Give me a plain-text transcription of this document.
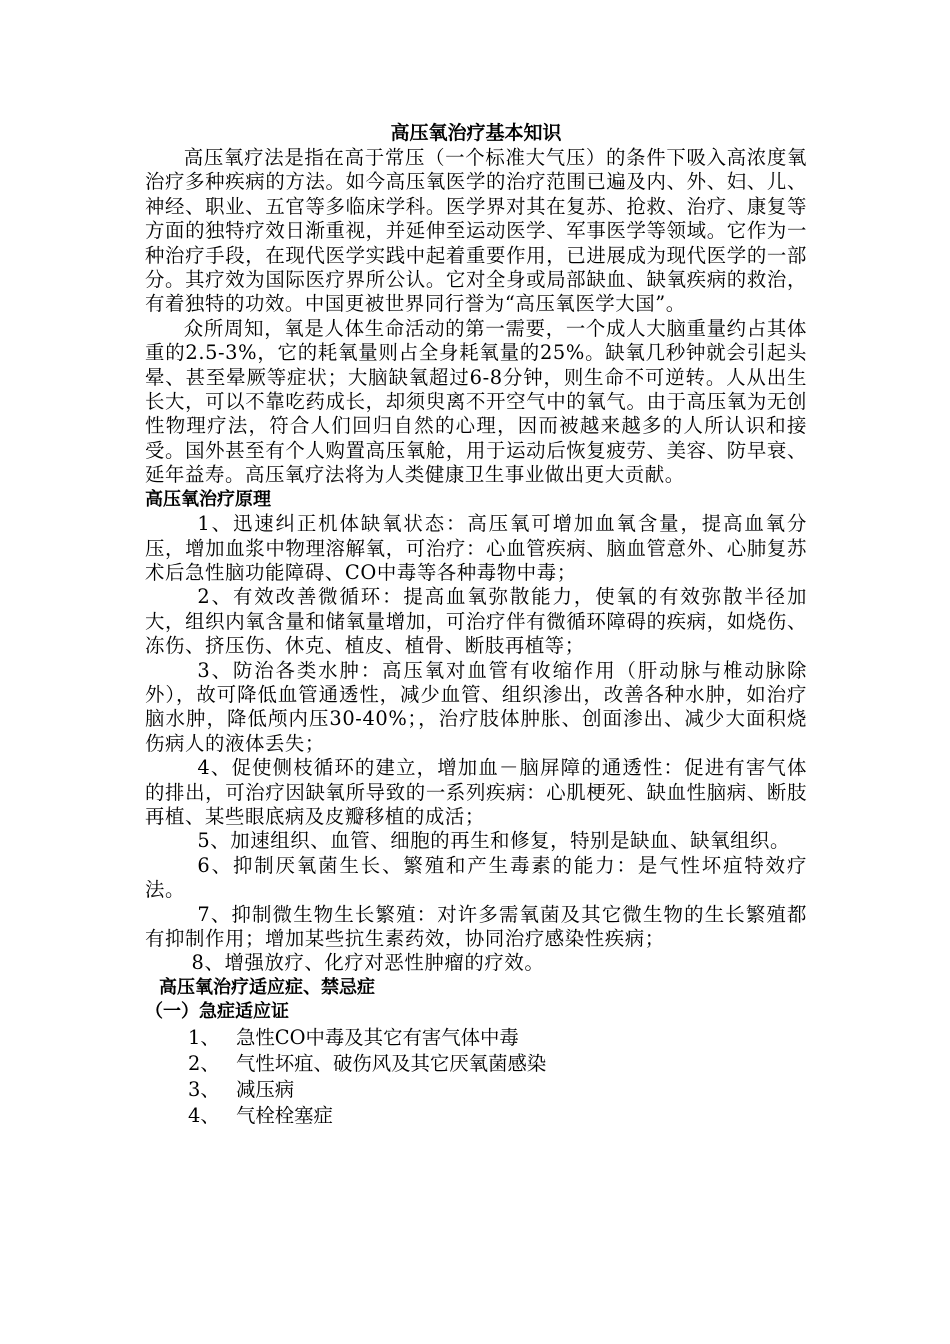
高压氧治疗基本知识

高压氧疗法是指在高于常压（一个标准大气压）的条件下吸入高浓度氧治疗多种疾病的方法。如今高压氧医学的治疗范围已遍及内、外、妇、儿、神经、职业、五官等多临床学科。医学界对其在复苏、抢救、治疗、康复等方面的独特疗效日渐重视，并延伸至运动医学、军事医学等领域。它作为一种治疗手段，在现代医学实践中起着重要作用，已进展成为现代医学的一部分。其疗效为国际医疗界所公认。它对全身或局部缺血、缺氧疾病的救治，有着独特的功效。中国更被世界同行誉为“高压氧医学大国”。

众所周知，氧是人体生命活动的第一需要，一个成人大脑重量约占其体重的2.5-3%，它的耗氧量则占全身耗氧量的25%。缺氧几秒钟就会引起头晕、甚至晕厥等症状；大脑缺氧超过6-8分钟，则生命不可逆转。人从出生长大，可以不靠吃药成长，却须臾离不开空气中的氧气。由于高压氧为无创性物理疗法，符合人们回归自然的心理，因而被越来越多的人所认识和接受。国外甚至有个人购置高压氧舱，用于运动后恢复疲劳、美容、防早衰、延年益寿。高压氧疗法将为人类健康卫生事业做出更大贡献。

高压氧治疗原理

1、迅速纠正机体缺氧状态：高压氧可增加血氧含量，提高血氧分压，增加血浆中物理溶解氧，可治疗：心血管疾病、脑血管意外、心肺复苏术后急性脑功能障碍、CO中毒等各种毒物中毒；

2、有效改善微循环：提高血氧弥散能力，使氧的有效弥散半径加大，组织内氧含量和储氧量增加，可治疗伴有微循环障碍的疾病，如烧伤、冻伤、挤压伤、休克、植皮、植骨、断肢再植等；

3、防治各类水肿：高压氧对血管有收缩作用（肝动脉与椎动脉除外），故可降低血管通透性，减少血管、组织渗出，改善各种水肿，如治疗脑水肿，降低颅内压30-40%；，治疗肢体肿胀、创面渗出、减少大面积烧伤病人的液体丢失；

4、促使侧枝循环的建立，增加血－脑屏障的通透性：促进有害气体的排出，可治疗因缺氧所导致的一系列疾病：心肌梗死、缺血性脑病、断肢再植、某些眼底病及皮瓣移植的成活；

5、加速组织、血管、细胞的再生和修复，特别是缺血、缺氧组织。

6、抑制厌氧菌生长、繁殖和产生毒素的能力：是气性坏疽特效疗法。

7、抑制微生物生长繁殖：对许多需氧菌及其它微生物的生长繁殖都有抑制作用；增加某些抗生素药效，协同治疗感染性疾病；

8、增强放疗、化疗对恶性肿瘤的疗效。

高压氧治疗适应症、禁忌症
（一）急症适应证
1、 急性CO中毒及其它有害气体中毒
2、 气性坏疽、破伤风及其它厌氧菌感染
3、 减压病
4、 气栓栓塞症
